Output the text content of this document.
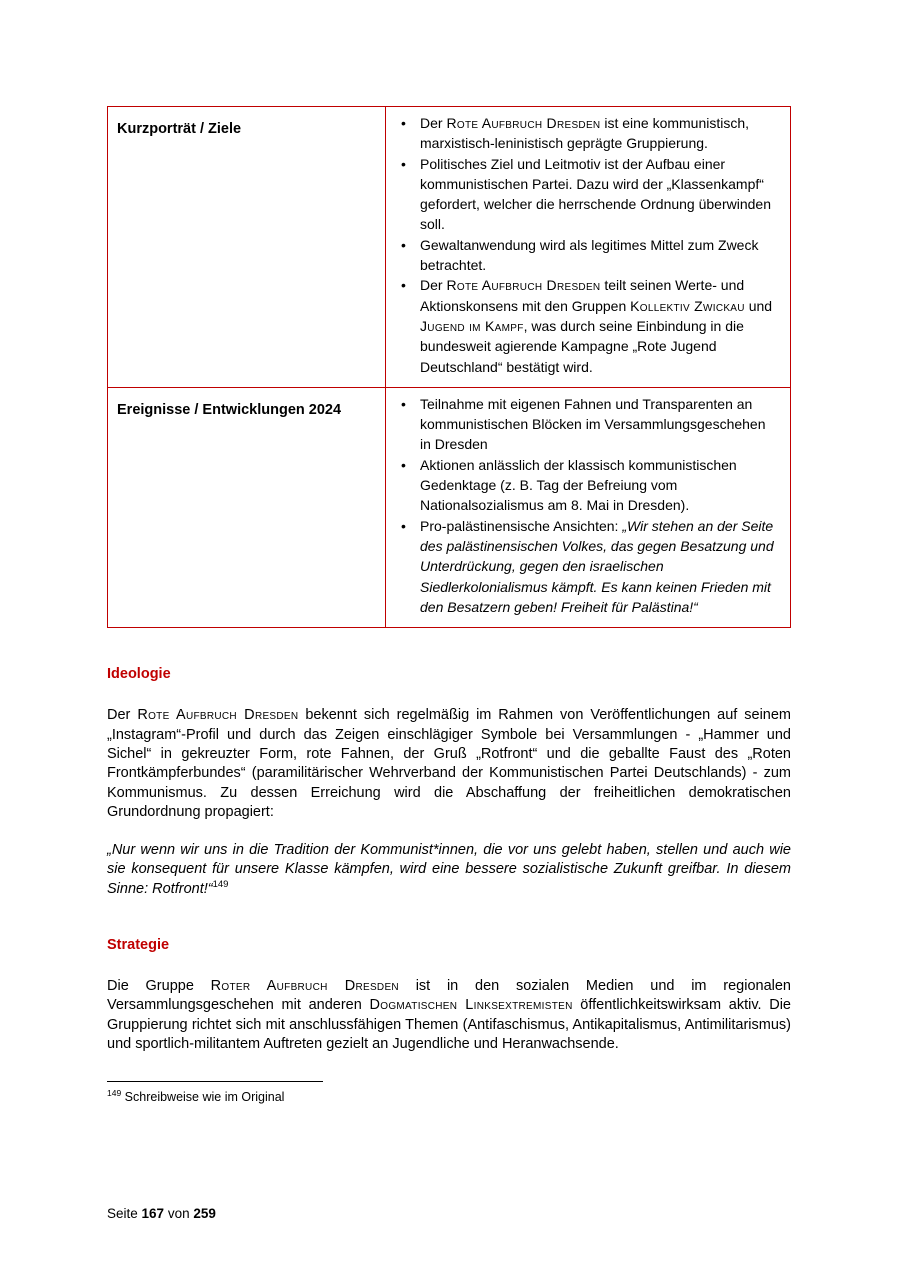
Kurzporträt / Ziele	
•Der Rote Aufbruch Dresden ist eine kommunistisch, marxistisch-leninistisch geprägte Gruppierung.
• Politisches Ziel und Leitmotiv ist der Aufbau einer kommunistischen Partei. Dazu wird der „Klassenkampf“ gefordert, welcher die herrschende Ordnung überwinden soll.
• Gewaltanwendung wird als legitimes Mittel zum Zweck betrachtet.
• Der Rote Aufbruch Dresden teilt seinen Werte- und Aktionskonsens mit den Gruppen Kollektiv Zwickau und Jugend im Kampf, was durch seine Einbindung in die bundesweit agierende Kampagne „Rote Jugend Deutschland“ bestätigt wird.

Ereignisse / Entwicklungen 2024	
•Teilnahme mit eigenen Fahnen und Transparenten an kommunistischen Blöcken im Versammlungsgeschehen in Dresden
• Aktionen anlässlich der klassisch kommunistischen Gedenktage (z. B. Tag der Befreiung vom Nationalsozialismus am 8. Mai in Dresden).
• Pro-palästinensische Ansichten: „Wir stehen an der Seite des palästinensischen Volkes, das gegen Besatzung und Unterdrückung, gegen den israelischen Siedlerkolonialismus kämpft. Es kann keinen Frieden mit den Besatzern geben! Freiheit für Palästina!“
Ideologie

Der Rote Aufbruch Dresden bekennt sich regelmäßig im Rahmen von Veröffentlichungen auf seinem „Instagram“-Profil und durch das Zeigen einschlägiger Symbole bei Versammlungen - „Hammer und Sichel“ in gekreuzter Form, rote Fahnen, der Gruß „Rotfront“ und die geballte Faust des „Roten Frontkämpferbundes“ (paramilitärischer Wehrverband der Kommunistischen Partei Deutschlands) - zum Kommunismus. Zu dessen Erreichung wird die Abschaffung der freiheitlichen demokratischen Grundordnung propagiert:

„Nur wenn wir uns in die Tradition der Kommunist*innen, die vor uns gelebt haben, stellen und auch wie sie konsequent für unsere Klasse kämpfen, wird eine bessere sozialistische Zukunft greifbar. In diesem Sinne: Rotfront!“$^{149}$

Strategie

Die Gruppe Roter Aufbruch Dresden ist in den sozialen Medien und im regionalen Versammlungsgeschehen mit anderen Dogmatischen Linksextremisten öffentlichkeitswirksam aktiv. Die Gruppierung richtet sich mit anschlussfähigen Themen (Antifaschismus, Antikapitalismus, Antimilitarismus) und sportlich-militantem Auftreten gezielt an Jugendliche und Heranwachsende.

$^{149}$ Schreibweise wie im Original

Seite 167 von 259
